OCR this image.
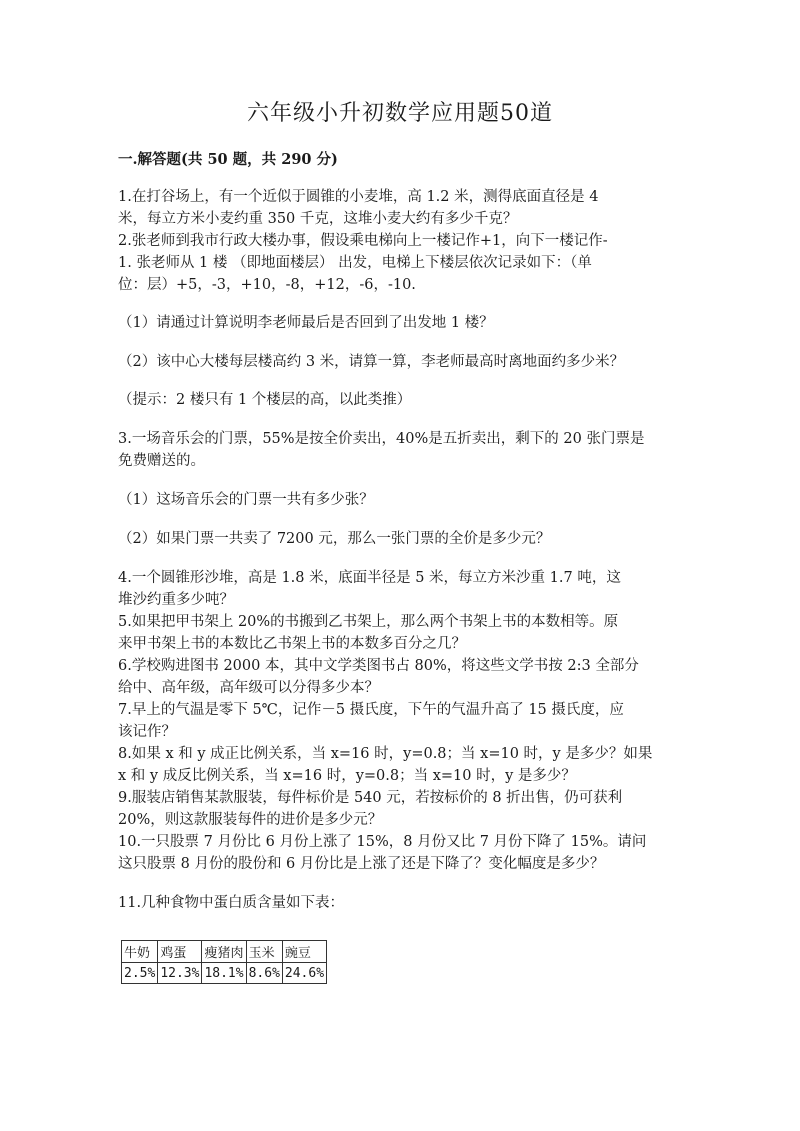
六年级小升初数学应用题50道
一.解答题(共 50 题，共 290 分)
1.在打谷场上，有一个近似于圆锥的小麦堆，高 1.2 米，测得底面直径是 4
米，每立方米小麦约重 350 千克，这堆小麦大约有多少千克？
2.张老师到我市行政大楼办事，假设乘电梯向上一楼记作+1，向下一楼记作-
1. 张老师从 1 楼 （即地面楼层） 出发，电梯上下楼层依次记录如下：（单
位：层）+5，-3，+10，-8，+12，-6，-10.
（1）请通过计算说明李老师最后是否回到了出发地 1 楼？
（2）该中心大楼每层楼高约 3 米，请算一算，李老师最高时离地面约多少米？
（提示：2 楼只有 1 个楼层的高，以此类推）
3.一场音乐会的门票，55%是按全价卖出，40%是五折卖出，剩下的 20 张门票是
免费赠送的。
（1）这场音乐会的门票一共有多少张？
（2）如果门票一共卖了 7200 元，那么一张门票的全价是多少元？
4.一个圆锥形沙堆，高是 1.8 米，底面半径是 5 米，每立方米沙重 1.7 吨，这
堆沙约重多少吨？
5.如果把甲书架上 20%的书搬到乙书架上，那么两个书架上书的本数相等。原
来甲书架上书的本数比乙书架上书的本数多百分之几？
6.学校购进图书 2000 本，其中文学类图书占 80%，将这些文学书按 2:3 全部分
给中、高年级，高年级可以分得多少本？
7.早上的气温是零下 5℃，记作－5 摄氏度，下午的气温升高了 15 摄氏度，应
该记作？
8.如果 x 和 y 成正比例关系，当 x=16 时，y=0.8；当 x=10 时，y 是多少？如果
x 和 y 成反比例关系，当 x=16 时，y=0.8；当 x=10 时，y 是多少？
9.服装店销售某款服装，每件标价是 540 元，若按标价的 8 折出售，仍可获利
20%，则这款服装每件的进价是多少元？
10.一只股票 7 月份比 6 月份上涨了 15%，8 月份又比 7 月份下降了 15%。请问
这只股票 8 月份的股份和 6 月份比是上涨了还是下降了？变化幅度是多少？
11.几种食物中蛋白质含量如下表：
牛奶	鸡蛋	瘦猪肉	玉米	豌豆
2.5%	12.3%	18.1%	8.6%	24.6%
